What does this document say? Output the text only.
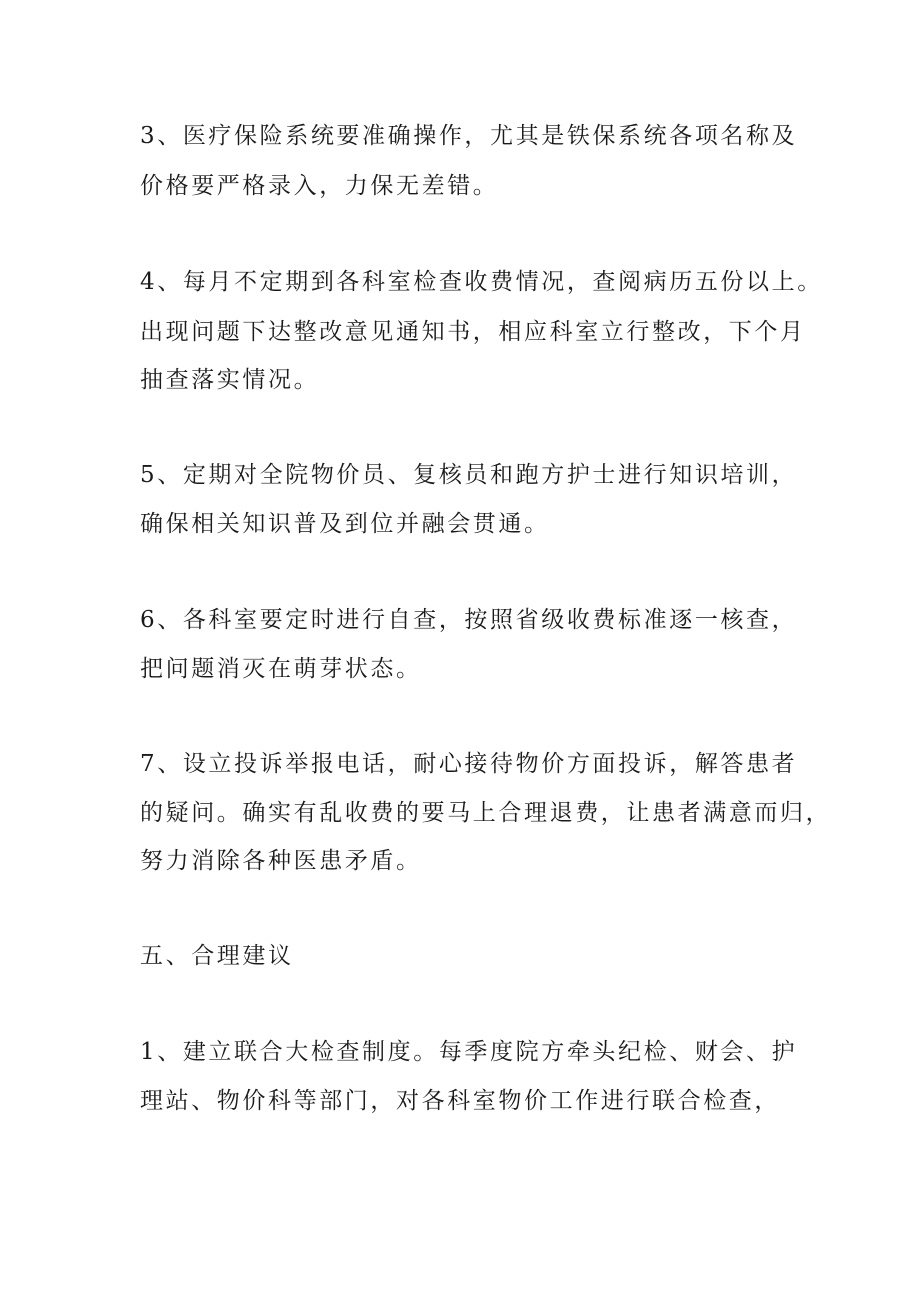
3、医疗保险系统要准确操作，尤其是铁保系统各项名称及
价格要严格录入，力保无差错。
4、每月不定期到各科室检查收费情况，查阅病历五份以上。
出现问题下达整改意见通知书，相应科室立行整改，下个月
抽查落实情况。
5、定期对全院物价员、复核员和跑方护士进行知识培训，
确保相关知识普及到位并融会贯通。
6、各科室要定时进行自查，按照省级收费标准逐一核查，
把问题消灭在萌芽状态。
7、设立投诉举报电话，耐心接待物价方面投诉，解答患者
的疑问。确实有乱收费的要马上合理退费，让患者满意而归，
努力消除各种医患矛盾。
五、合理建议
1、建立联合大检查制度。每季度院方牵头纪检、财会、护
理站、物价科等部门，对各科室物价工作进行联合检查，
